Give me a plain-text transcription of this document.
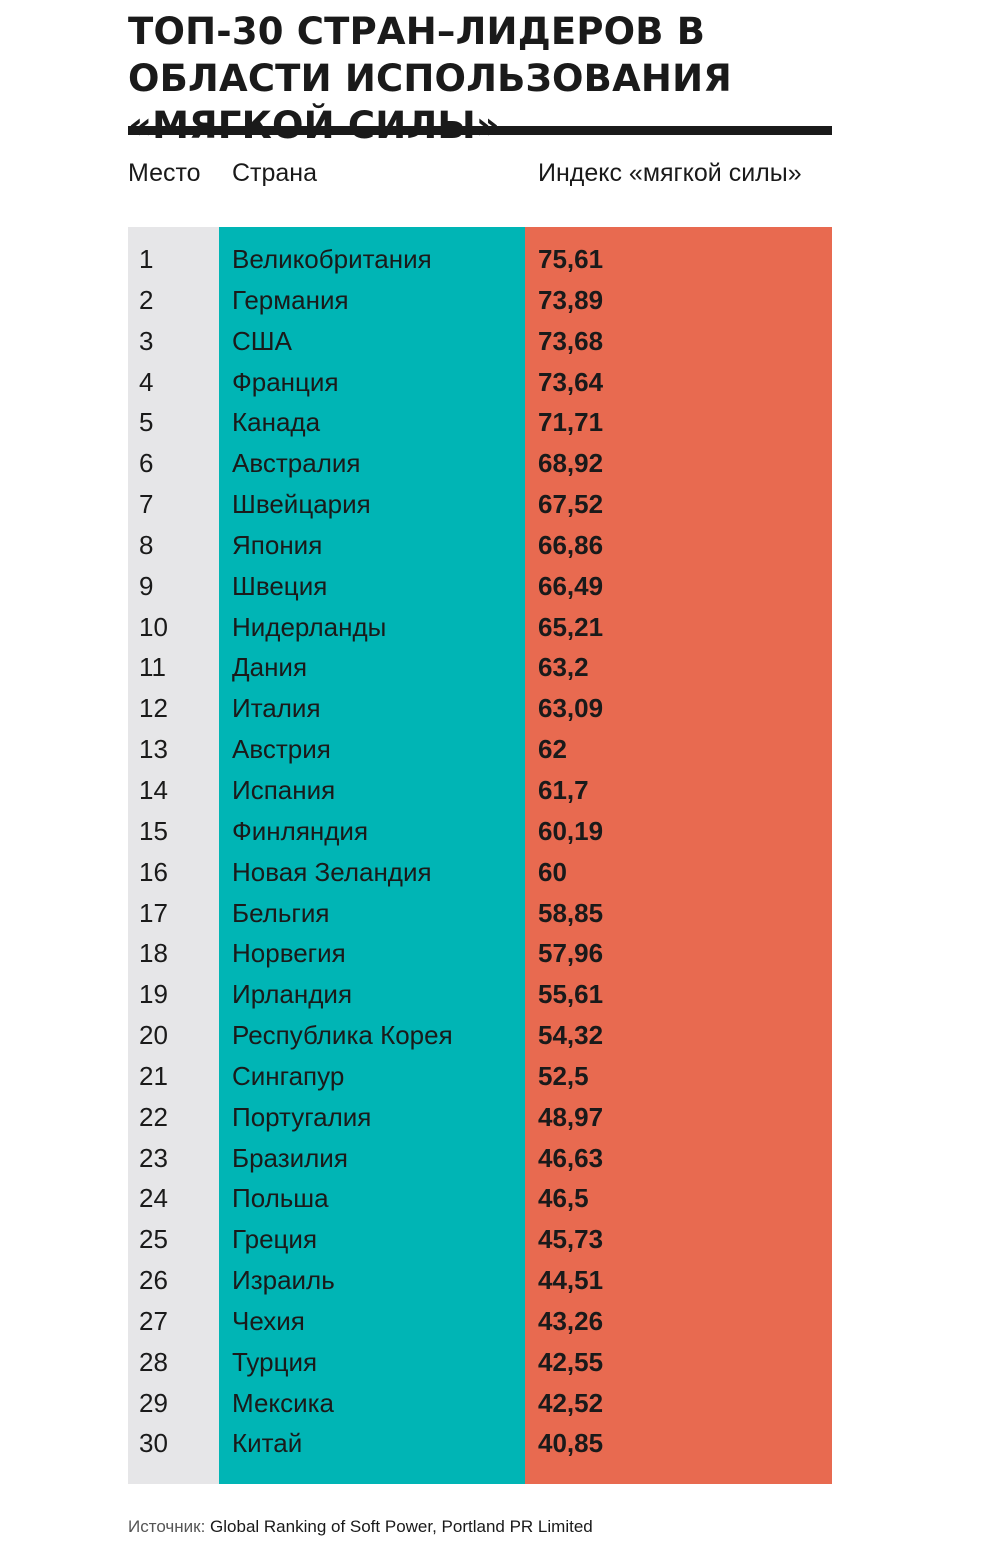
ТОП-30 СТРАН–ЛИДЕРОВ В ОБЛАСТИ ИСПОЛЬЗОВАНИЯ
Место Страна	Индекс «мягкой силы»
1	Великобритания	75,61
2	Германия	73,89
3	США	73,68
4	Франция	73,64
5	Канада	71,71
6	Австралия	68,92
7	Швейцария	67,52
8	Япония	66,86
9	Швеция	66,49
10 Нидерланды	65,21
11	Дания	63,2
12 Италия	63,09
13 Австрия	62
14 Испания	61,7
15 Финляндия	60,19
16 Новая Зеландия	60
17 Бельгия	58,85
18 Норвегия	57,96
19 Ирландия	55,61
20 Республика Корея	54,32
21 Сингапур	52,5
22 Португалия	48,97
23 Бразилия	46,63
24 Польша	46,5
25 Греция	45,73
26 Израиль	44,51
27 Чехия	43,26
28 Турция	42,55
29 Мексика	42,52
30 Китай	40,85
Источник: Global Ranking of Soft Power, Portland PR Limited
